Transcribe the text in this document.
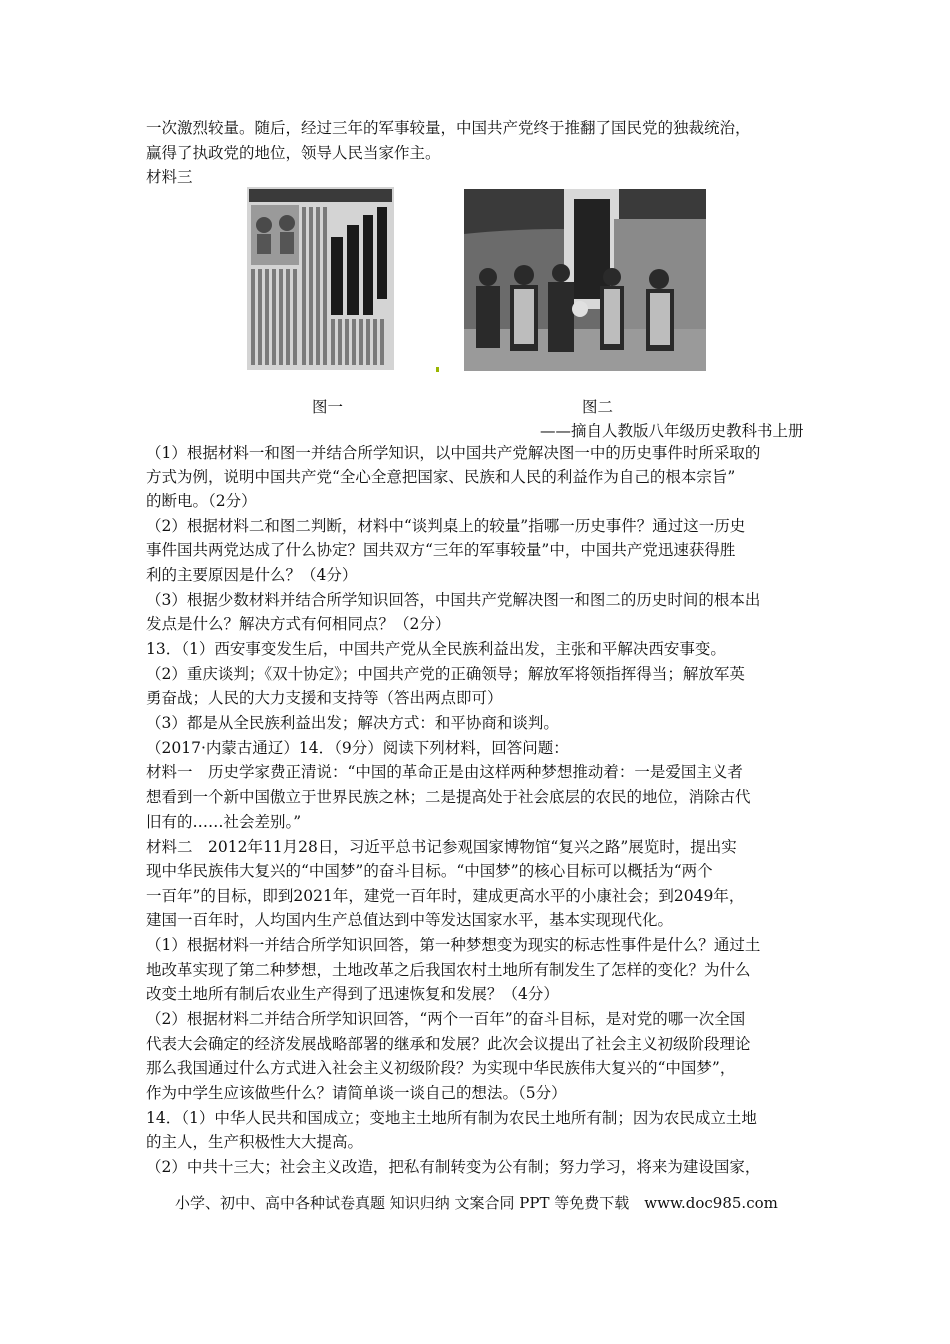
一次激烈较量。随后，经过三年的军事较量，中国共产党终于推翻了国民党的独裁统治，
赢得了执政党的地位，领导人民当家作主。
材料三
图一	图二
——摘自人教版八年级历史教科书上册
（1）根据材料一和图一并结合所学知识，以中国共产党解决图一中的历史事件时所采取的
方式为例，说明中国共产党“全心全意把国家、民族和人民的利益作为自己的根本宗旨”
的断电。（2分）
（2）根据材料二和图二判断，材料中“谈判桌上的较量”指哪一历史事件？通过这一历史
事件国共两党达成了什么协定？国共双方“三年的军事较量”中，中国共产党迅速获得胜
利的主要原因是什么？（4分）
（3）根据少数材料并结合所学知识回答，中国共产党解决图一和图二的历史时间的根本出
发点是什么？解决方式有何相同点？（2分）
13．（1）西安事变发生后，中国共产党从全民族利益出发，主张和平解决西安事变。
（2）重庆谈判；《双十协定》；中国共产党的正确领导；解放军将领指挥得当；解放军英
勇奋战；人民的大力支援和支持等（答出两点即可）
（3）都是从全民族利益出发；解决方式：和平协商和谈判。
（2017·内蒙古通辽）14．（9分）阅读下列材料，回答问题：
材料一　历史学家费正清说：“中国的革命正是由这样两种梦想推动着：一是爱国主义者
想看到一个新中国傲立于世界民族之林；二是提高处于社会底层的农民的地位，消除古代
旧有的……社会差别。”
材料二　2012年11月28日，习近平总书记参观国家博物馆“复兴之路”展览时，提出实
现中华民族伟大复兴的“中国梦”的奋斗目标。“中国梦”的核心目标可以概括为“两个
一百年”的目标，即到2021年，建党一百年时，建成更高水平的小康社会；到2049年，
建国一百年时，人均国内生产总值达到中等发达国家水平，基本实现现代化。
（1）根据材料一并结合所学知识回答，第一种梦想变为现实的标志性事件是什么？通过土
地改革实现了第二种梦想，土地改革之后我国农村土地所有制发生了怎样的变化？为什么
改变土地所有制后农业生产得到了迅速恢复和发展？（4分）
（2）根据材料二并结合所学知识回答，“两个一百年”的奋斗目标，是对党的哪一次全国
代表大会确定的经济发展战略部署的继承和发展？此次会议提出了社会主义初级阶段理论
那么我国通过什么方式进入社会主义初级阶段？为实现中华民族伟大复兴的“中国梦”，
作为中学生应该做些什么？请简单谈一谈自己的想法。（5分）
14．（1）中华人民共和国成立；变地主土地所有制为农民土地所有制；因为农民成立土地
的主人，生产积极性大大提高。
（2）中共十三大；社会主义改造，把私有制转变为公有制；努力学习，将来为建设国家，
小学、初中、高中各种试卷真题 知识归纳 文案合同 PPT 等免费下载　www.doc985.com
